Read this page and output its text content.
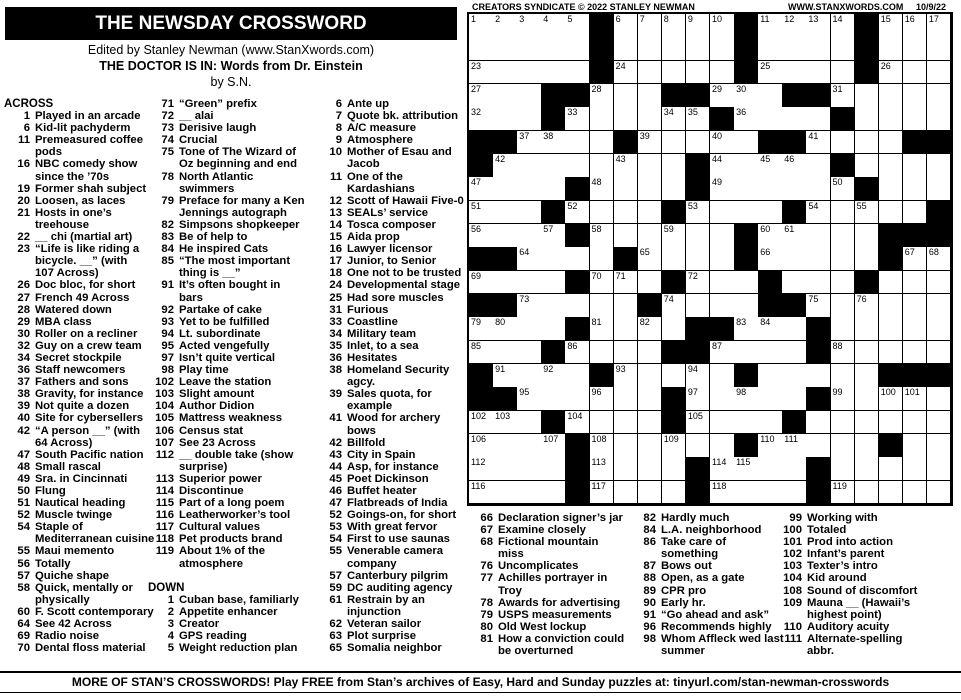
THE NEWSDAY CROSSWORD
Edited by Stanley Newman (www.StanXwords.com)
THE DOCTOR IS IN: Words from Dr. Einstein
by S.N.
CREATORS SYNDICATE © 2022 STANLEY NEWMAN	WWW.STANXWORDS.COM 10/9/22
1 2 3 4 5	6 7 8 9 10	11 12 13 14	15 16 17
23	24	25	26
27	28	29 30	31
32	33	34 35	36
37 38	39	40	41
42	43	44	45 46
47	48	49	50
51	52	53	54	55
56	57	58	59	60 61
64	65	66	67 68
69	70 71	72
73	74	75	76
79 80	81	82	83 84
85	86	87	88
91	92	93	94
95	96	97	98	99	100 101
102 103	104	105
106	107	108	109	110 111
112	113	114 115
116	117	118	119
ACROSS
1 Played in an arcade
6 Kid-lit pachyderm
11 Premeasured coffee
pods
16 NBC comedy show
since the ’70s
19 Former shah subject
20 Loosen, as laces
21 Hosts in one’s
treehouse
22 __ chi (martial art)
23 “Life is like riding a
bicycle. __” (with
107 Across)
26 Doc bloc, for short
27 French 49 Across
28 Watered down
29 MBA class
30 Roller on a recliner
32 Guy on a crew team
34 Secret stockpile
36 Staff newcomers
37 Fathers and sons
38 Gravity, for instance
39 Not quite a dozen
40 Site for cybersellers
42 “A person __” (with
64 Across)
47 South Pacific nation
48 Small rascal
49 Sra. in Cincinnati
50 Flung
51 Nautical heading
52 Muscle twinge
54 Staple of
Mediterranean cuisine
55 Maui memento
56 Totally
57 Quiche shape
58 Quick, mentally or
physically
60 F. Scott contemporary
64 See 42 Across
69 Radio noise
70 Dental floss material
71 “Green” prefix
72 __ alai
73 Derisive laugh
74 Crucial
75 Tone of The Wizard of
Oz beginning and end
78 North Atlantic
swimmers
79 Preface for many a Ken
Jennings autograph
82 Simpsons shopkeeper
83 Be of help to
84 He inspired Cats
85 “The most important
thing is __”
91 It’s often bought in
bars
92 Partake of cake
93 Yet to be fulfilled
94 Lt. subordinate
95 Acted vengefully
97 Isn’t quite vertical
98 Play time
102 Leave the station
103 Slight amount
104 Author Didion
105 Mattress weakness
106 Census stat
107 See 23 Across
112 __ double take (show
surprise)
113 Superior power
114 Discontinue
115 Part of a long poem
116 Leatherworker’s tool
117 Cultural values
118 Pet products brand
119 About 1% of the
atmosphere

DOWN
1 Cuban base, familiarly
2 Appetite enhancer
3 Creator
4 GPS reading
5 Weight reduction plan
6 Ante up
7 Quote bk. attribution
8 A/C measure
9 Atmosphere
10 Mother of Esau and
Jacob
11 One of the
Kardashians
12 Scott of Hawaii Five-0
13 SEALs’ service
14 Tosca composer
15 Aida prop
16 Lawyer licensor
17 Junior, to Senior
18 One not to be trusted
24 Developmental stage
25 Had sore muscles
31 Furious
33 Coastline
34 Military team
35 Inlet, to a sea
36 Hesitates
38 Homeland Security
agcy.
39 Sales quota, for
example
41 Wood for archery
bows
42 Billfold
43 City in Spain
44 Asp, for instance
45 Poet Dickinson
46 Buffet heater
47 Flatbreads of India
52 Goings-on, for short
53 With great fervor
54 First to use saunas
55 Venerable camera
company
57 Canterbury pilgrim
59 DC auditing agency
61 Restrain by an
injunction
62 Veteran sailor
63 Plot surprise
65 Somalia neighbor
66 Declaration signer’s jar
67 Examine closely
68 Fictional mountain
miss
76 Uncomplicates
77 Achilles portrayer in
Troy
78 Awards for advertising
79 USPS measurements
80 Old West lockup
81 How a conviction could
be overturned
82 Hardly much
84 L.A. neighborhood
86 Take care of
something
87 Bows out
88 Open, as a gate
89 CPR pro
90 Early hr.
91 “Go ahead and ask”
96 Recommends highly
98 Whom Affleck wed last
summer
99 Working with
100 Totaled
101 Prod into action
102 Infant’s parent
103 Texter’s intro
104 Kid around
108 Sound of discomfort
109 Mauna __ (Hawaii’s
highest point)
110 Auditory acuity
111 Alternate-spelling
abbr.
MORE OF STAN’S CROSSWORDS! Play FREE from Stan’s archives of Easy, Hard and Sunday puzzles at: tinyurl.com/stan-newman-crosswords
